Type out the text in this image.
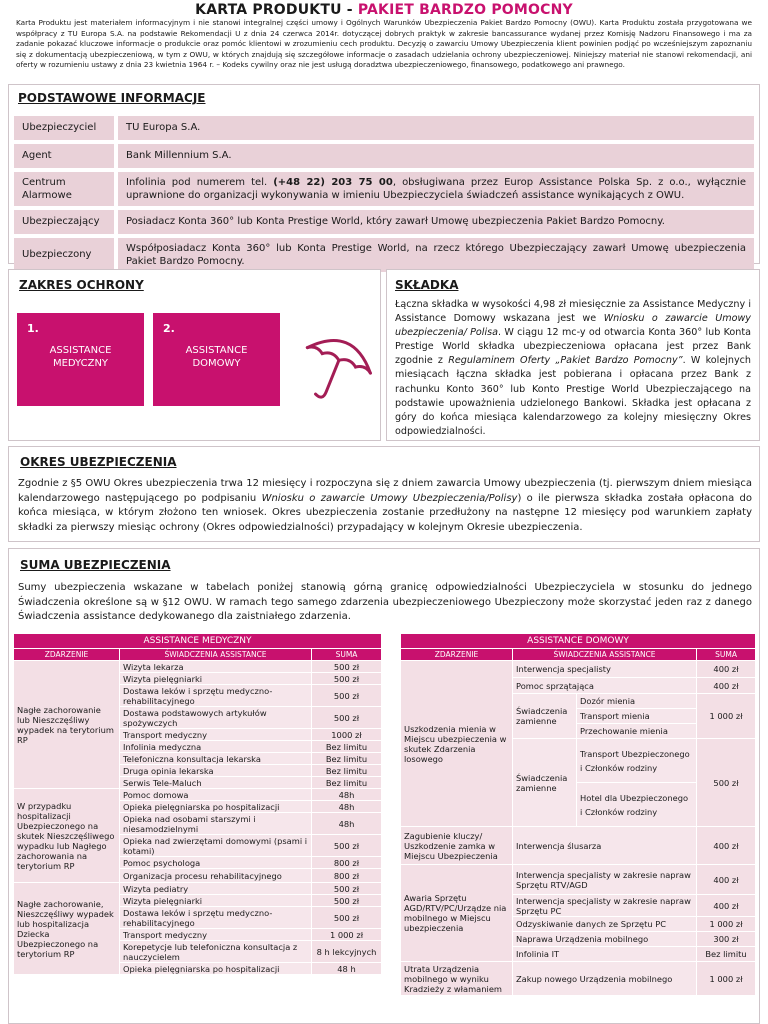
KARTA PRODUKTU - PAKIET BARDZO POMOCNY
Karta Produktu jest materiałem informacyjnym i nie stanowi integralnej części umowy i Ogólnych Warunków Ubezpieczenia Pakiet Bardzo Pomocny (OWU). Karta Produktu została przygotowana we współpracy z TU Europa S.A. na podstawie Rekomendacji U z dnia 24 czerwca 2014r. dotyczącej dobrych praktyk w zakresie bancassurance wydanej przez Komisję Nadzoru Finansowego i ma za zadanie pokazać kluczowe informacje o produkcie oraz pomóc klientowi w zrozumieniu cech produktu. Decyzję o zawarciu Umowy Ubezpieczenia klient powinien podjąć po wcześniejszym zapoznaniu się z dokumentacją ubezpieczeniową, w tym z OWU, w których znajdują się szczegółowe informacje o zasadach udzielania ochrony ubezpieczeniowej. Niniejszy materiał nie stanowi rekomendacji, ani oferty w rozumieniu ustawy z dnia 23 kwietnia 1964 r. – Kodeks cywilny oraz nie jest usługą doradztwa ubezpieczeniowego, finansowego, podatkowego ani prawnego.
PODSTAWOWE INFORMACJE
Ubezpieczyciel	TU Europa S.A.
Agent	Bank Millennium S.A.
Centrum Alarmowe	Infolinia pod numerem tel. (+48 22) 203 75 00, obsługiwana przez Europ Assistance Polska Sp. z o.o., wyłącznie uprawnione do organizacji wykonywania w imieniu Ubezpieczyciela świadczeń assistance wynikających z OWU.
Ubezpieczający	Posiadacz Konta 360° lub Konta Prestige World, który zawarł Umowę ubezpieczenia Pakiet Bardzo Pomocny.
Ubezpieczony	Współposiadacz Konta 360° lub Konta Prestige World, na rzecz którego Ubezpieczający zawarł Umowę ubezpieczenia Pakiet Bardzo Pomocny.
ZAKRES OCHRONY
1.
ASSISTANCE MEDYCZNY
2.
ASSISTANCE DOMOWY
SKŁADKA
Łączna składka w wysokości 4,98 zł miesięcznie za Assistance Medyczny i Assistance Domowy wskazana jest we Wniosku o zawarcie Umowy ubezpieczenia/ Polisa. W ciągu 12 mc-y od otwarcia Konta 360° lub Konta Prestige World składka ubezpieczeniowa opłacana jest przez Bank zgodnie z Regulaminem Oferty „Pakiet Bardzo Pomocny”. W kolejnych miesiącach łączna składka jest pobierana i opłacana przez Bank z rachunku Konto 360° lub Konto Prestige World Ubezpieczającego na podstawie upoważnienia udzielonego Bankowi. Składka jest opłacana z góry do końca miesiąca kalendarzowego za kolejny miesięczny Okres odpowiedzialności.
OKRES UBEZPIECZENIA
Zgodnie z §5 OWU Okres ubezpieczenia trwa 12 miesięcy i rozpoczyna się z dniem zawarcia Umowy ubezpieczenia (tj. pierwszym dniem miesiąca kalendarzowego następującego po podpisaniu Wniosku o zawarcie Umowy Ubezpieczenia/Polisy) o ile pierwsza składka została opłacona do końca miesiąca, w którym złożono ten wniosek. Okres ubezpieczenia zostanie przedłużony na następne 12 miesięcy pod warunkiem zapłaty składki za pierwszy miesiąc ochrony (Okres odpowiedzialności) przypadający w kolejnym Okresie ubezpieczenia.
SUMA UBEZPIECZENIA
Sumy ubezpieczenia wskazane w tabelach poniżej stanowią górną granicę odpowiedzialności Ubezpieczyciela w stosunku do jednego Świadczenia określone są w §12 OWU. W ramach tego samego zdarzenia ubezpieczeniowego Ubezpieczony może skorzystać jeden raz z danego Świadczenia assistance dedykowanego dla zaistniałego zdarzenia.
ASSISTANCE MEDYCZNY		
ZDARZENIE	ŚWIADCZENIA ASSISTANCE	SUMA
Nagłe zachorowanie lub Nieszczęśliwy wypadek na terytorium RP	Wizyta lekarza	500 zł
	Wizyta pielęgniarki	500 zł
	Dostawa leków i sprzętu medyczno-rehabilitacyjnego	500 zł
	Dostawa podstawowych artykułów spożywczych	500 zł
	Transport medyczny	1000 zł
	Infolinia medyczna	Bez limitu
	Telefoniczna konsultacja lekarska	Bez limitu
	Druga opinia lekarska	Bez limitu
	Serwis Tele-Maluch	Bez limitu
W przypadku hospitalizacji Ubezpieczonego na skutek Nieszczęśliwego wypadku lub Nagłego zachorowania na terytorium RP	Pomoc domowa	48h
	Opieka pielęgniarska po hospitalizacji	48h
	Opieka nad osobami starszymi i niesamodzielnymi	48h
	Opieka nad zwierzętami domowymi (psami i kotami)	500 zł
	Pomoc psychologa	800 zł
	Organizacja procesu rehabilitacyjnego	800 zł
Nagłe zachorowanie, Nieszczęśliwy wypadek lub hospitalizacja Dziecka Ubezpieczonego na terytorium RP	Wizyta pediatry	500 zł
	Wizyta pielęgniarki	500 zł
	Dostawa leków i sprzętu medyczno-rehabilitacyjnego	500 zł
	Transport medyczny	1 000 zł
	Korepetycje lub telefoniczna konsultacja z nauczycielem	8 h lekcyjnych
	Opieka pielęgniarska po hospitalizacji	48 h
ASSISTANCE DOMOWY			
ZDARZENIE	ŚWIADCZENIA ASSISTANCE		SUMA
Uszkodzenia mienia w Miejscu ubezpieczenia w skutek Zdarzenia losowego	Interwencja specjalisty		400 zł
	Pomoc sprzątająca		400 zł
	Świadczenia zamienne	Dozór mienia	1 000 zł
		Transport mienia	
		Przechowanie mienia	
	Świadczenia zamienne	Transport Ubezpieczonego i Członków rodziny	500 zł
		Hotel dla Ubezpieczonego i Członków rodziny	

Zagubienie kluczy/ Uszkodzenie zamka w Miejscu Ubezpieczenia	Interwencja ślusarza		400 zł
Awaria Sprzętu AGD/RTV/PC/Urządze nia mobilnego w Miejscu ubezpieczenia	Interwencja specjalisty w zakresie napraw Sprzętu RTV/AGD		400 zł
	Interwencja specjalisty w zakresie napraw Sprzętu PC		400 zł
	Odzyskiwanie danych ze Sprzętu PC		1 000 zł
	Naprawa Urządzenia mobilnego		300 zł
	Infolinia IT		Bez limitu
Utrata Urządzenia mobilnego w wyniku Kradzieży z włamaniem	Zakup nowego Urządzenia mobilnego		1 000 zł
